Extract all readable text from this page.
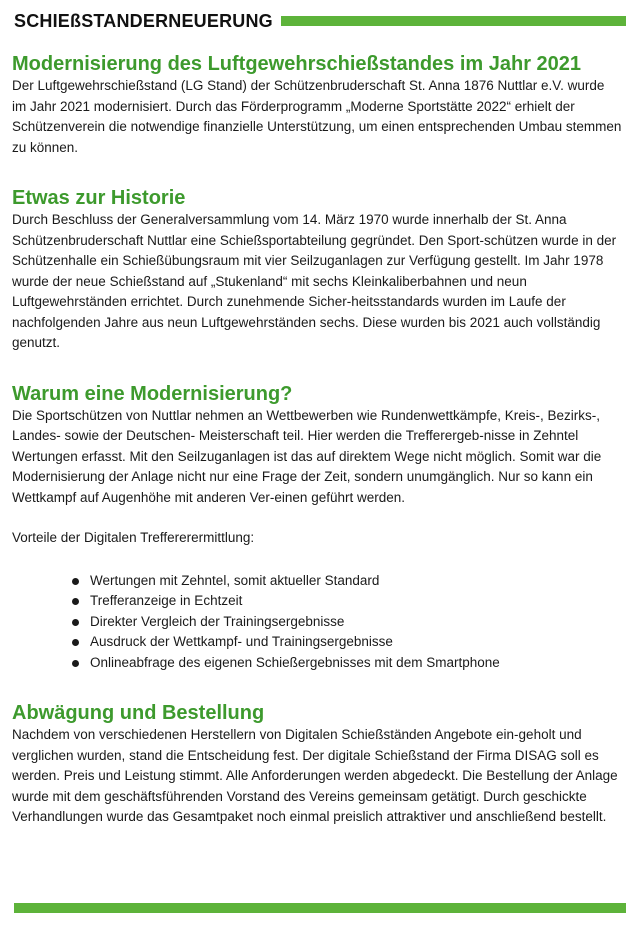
SCHIEßSTANDERNEUERUNG
Modernisierung des Luftgewehrschießstandes im Jahr 2021

Der Luftgewehrschießstand (LG Stand) der Schützenbruderschaft St. Anna 1876 Nuttlar e.V. wurde im Jahr 2021 modernisiert. Durch das Förderprogramm „Moderne Sportstätte 2022“ erhielt der Schützenverein die notwendige finanzielle Unterstützung, um einen entsprechenden Umbau stemmen zu können.

Etwas zur Historie

Durch Beschluss der Generalversammlung vom 14. März 1970 wurde innerhalb der St. Anna Schützenbruderschaft Nuttlar eine Schießsportabteilung gegründet. Den Sport-schützen wurde in der Schützenhalle ein Schießübungsraum mit vier Seilzuganlagen zur Verfügung gestellt. Im Jahr 1978 wurde der neue Schießstand auf „Stukenland“ mit sechs Kleinkaliberbahnen und neun Luftgewehrständen errichtet. Durch zunehmende Sicher-heitsstandards wurden im Laufe der nachfolgenden Jahre aus neun Luftgewehrständen sechs. Diese wurden bis 2021 auch vollständig genutzt.

Warum eine Modernisierung?

Die Sportschützen von Nuttlar nehmen an Wettbewerben wie Rundenwettkämpfe, Kreis-, Bezirks-, Landes- sowie der Deutschen- Meisterschaft teil. Hier werden die Trefferergeb-nisse in Zehntel Wertungen erfasst. Mit den Seilzuganlagen ist das auf direktem Wege nicht möglich. Somit war die Modernisierung der Anlage nicht nur eine Frage der Zeit, sondern unumgänglich. Nur so kann ein Wettkampf auf Augenhöhe mit anderen Ver-einen geführt werden.

Vorteile der Digitalen Treffererermittlung:

Wertungen mit Zehntel, somit aktueller Standard
Trefferanzeige in Echtzeit
Direkter Vergleich der Trainingsergebnisse
Ausdruck der Wettkampf- und Trainingsergebnisse
Onlineabfrage des eigenen Schießergebnisses mit dem Smartphone
Abwägung und Bestellung

Nachdem von verschiedenen Herstellern von Digitalen Schießständen Angebote ein-geholt und verglichen wurden, stand die Entscheidung fest. Der digitale Schießstand der Firma DISAG soll es werden. Preis und Leistung stimmt. Alle Anforderungen werden abgedeckt. Die Bestellung der Anlage wurde mit dem geschäftsführenden Vorstand des Vereins gemeinsam getätigt. Durch geschickte Verhandlungen wurde das Gesamtpaket noch einmal preislich attraktiver und anschließend bestellt.
